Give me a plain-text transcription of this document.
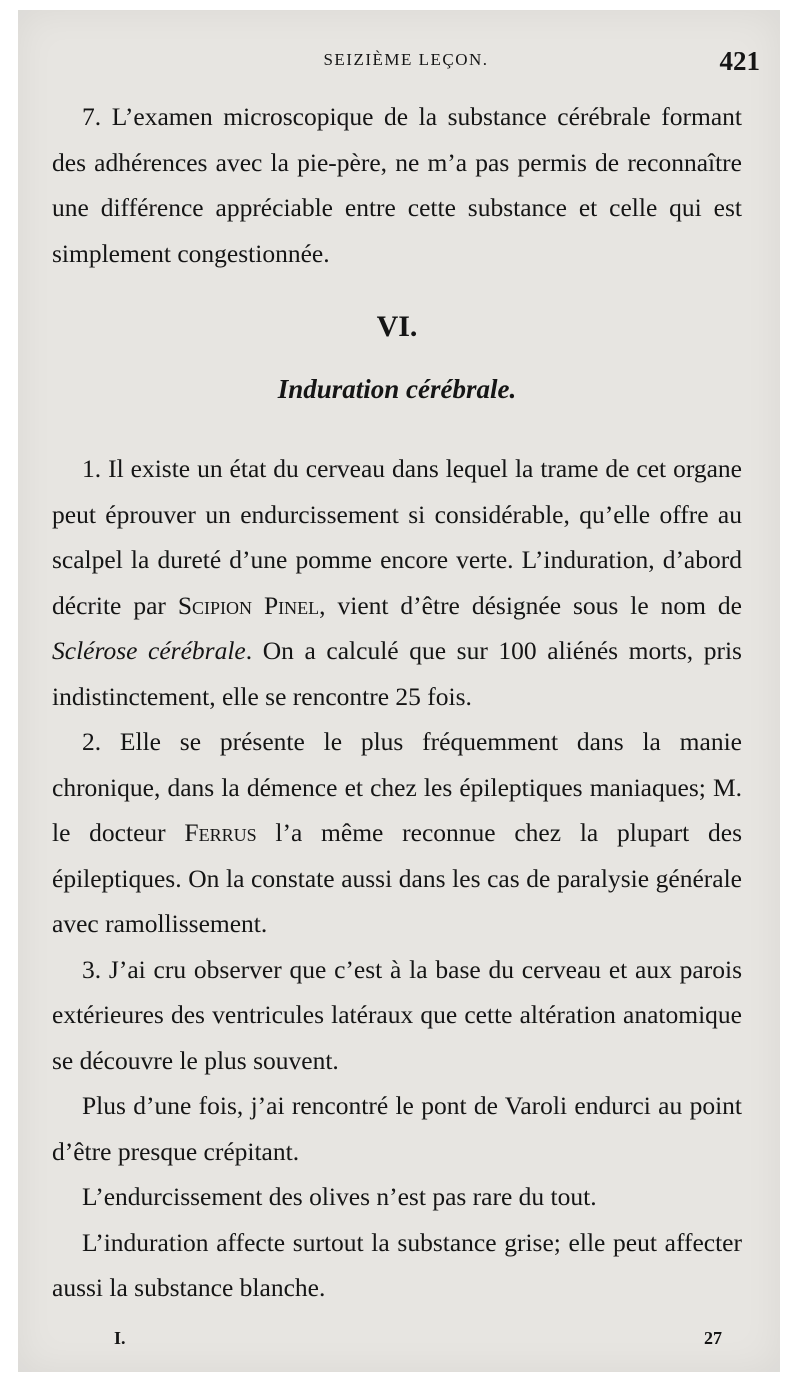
SEIZIÈME LEÇON.	421

7. L’examen microscopique de la substance cérébrale formant des adhérences avec la pie-père, ne m’a pas permis de reconnaître une différence appréciable entre cette substance et celle qui est simplement congestionnée.

VI.
Induration cérébrale.

1. Il existe un état du cerveau dans lequel la trame de cet organe peut éprouver un endurcissement si considérable, qu’elle offre au scalpel la dureté d’une pomme encore verte. L’induration, d’abord décrite par Scipion Pinel, vient d’être désignée sous le nom de Sclérose cérébrale. On a calculé que sur 100 aliénés morts, pris indistinctement, elle se rencontre 25 fois.

2. Elle se présente le plus fréquemment dans la manie chronique, dans la démence et chez les épileptiques maniaques; M. le docteur Ferrus l’a même reconnue chez la plupart des épileptiques. On la constate aussi dans les cas de paralysie générale avec ramollissement.

3. J’ai cru observer que c’est à la base du cerveau et aux parois extérieures des ventricules latéraux que cette altération anatomique se découvre le plus souvent.

Plus d’une fois, j’ai rencontré le pont de Varoli endurci au point d’être presque crépitant.

L’endurcissement des olives n’est pas rare du tout.

L’induration affecte surtout la substance grise; elle peut affecter aussi la substance blanche.

I.	27
